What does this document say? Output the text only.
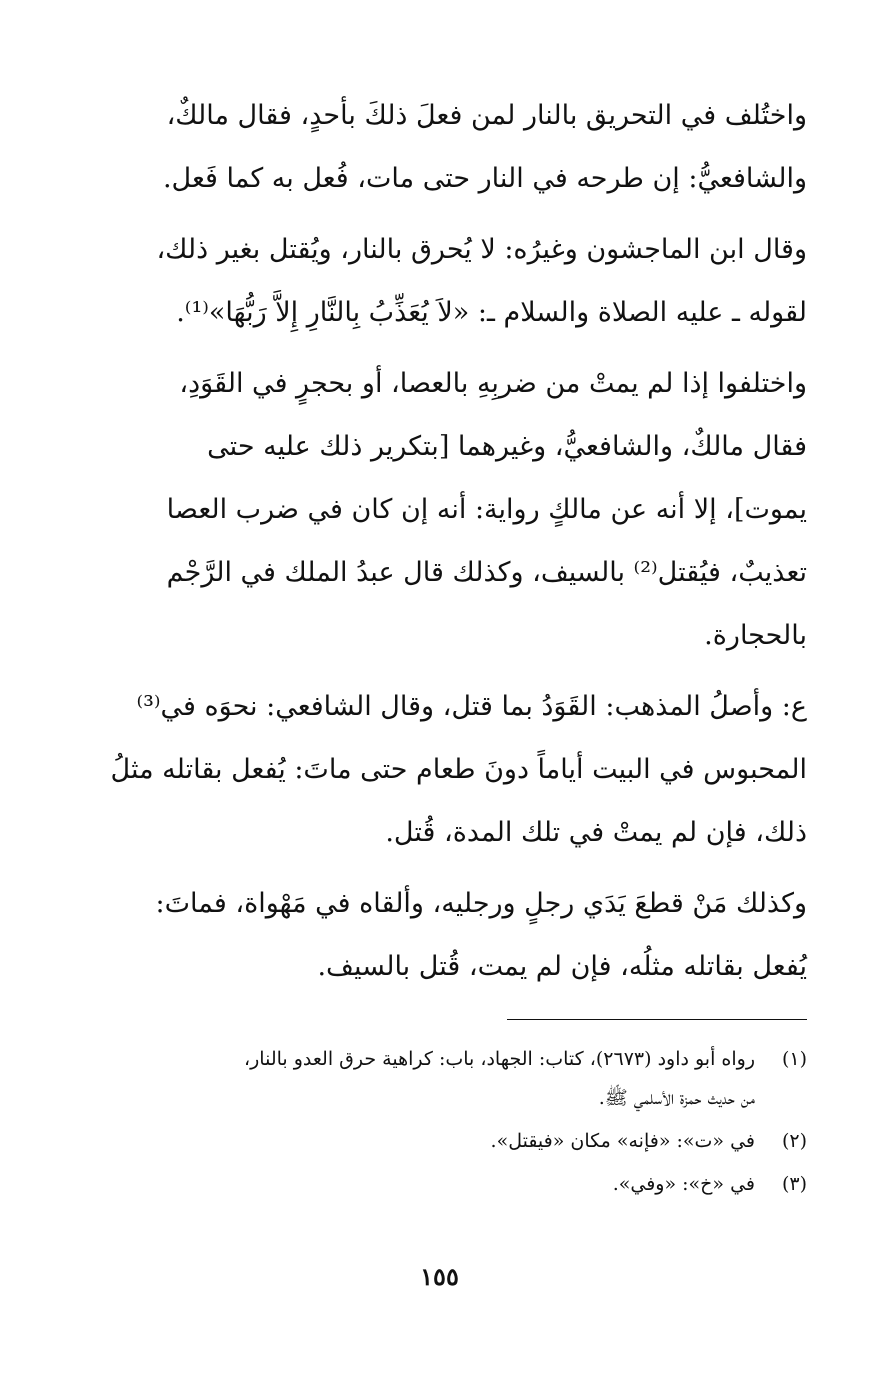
واختُلف في التحريق بالنار لمن فعلَ ذلكَ بأحدٍ، فقال مالكٌ،
والشافعيُّ: إن طرحه في النار حتى مات، فُعل به كما فَعل.

وقال ابن الماجشون وغيرُه: لا يُحرق بالنار، ويُقتل بغير ذلك،
لقوله ـ عليه الصلاة والسلام ـ: «لاَ يُعَذِّبُ بِالنَّارِ إِلاَّ رَبُّهَا»⁽¹⁾.

واختلفوا إذا لم يمتْ من ضربِهِ بالعصا، أو بحجرٍ في القَوَدِ،
فقال مالكٌ، والشافعيُّ، وغيرهما [بتكرير ذلك عليه حتى
يموت]، إلا أنه عن مالكٍ رواية: أنه إن كان في ضرب العصا
تعذيبٌ، فيُقتل⁽²⁾ بالسيف، وكذلك قال عبدُ الملك في الرَّجْم
بالحجارة.

ع: وأصلُ المذهب: القَوَدُ بما قتل، وقال الشافعي: نحوَه في⁽³⁾
المحبوس في البيت أياماً دونَ طعام حتى ماتَ: يُفعل بقاتله مثلُ
ذلك، فإن لم يمتْ في تلك المدة، قُتل.

وكذلك مَنْ قطعَ يَدَي رجلٍ ورجليه، وألقاه في مَهْواة، فماتَ:
يُفعل بقاتله مثلُه، فإن لم يمت، قُتل بالسيف.

(١)
رواه أبو داود (٢٦٧٣)، كتاب: الجهاد، باب: كراهية حرق العدو بالنار،
من حديث حمزة الأسلمي ﷺ.
(٢)
في «ت»: «فإنه» مكان «فيقتل».
(٣)
في «خ»: «وفي».
١٥٥
